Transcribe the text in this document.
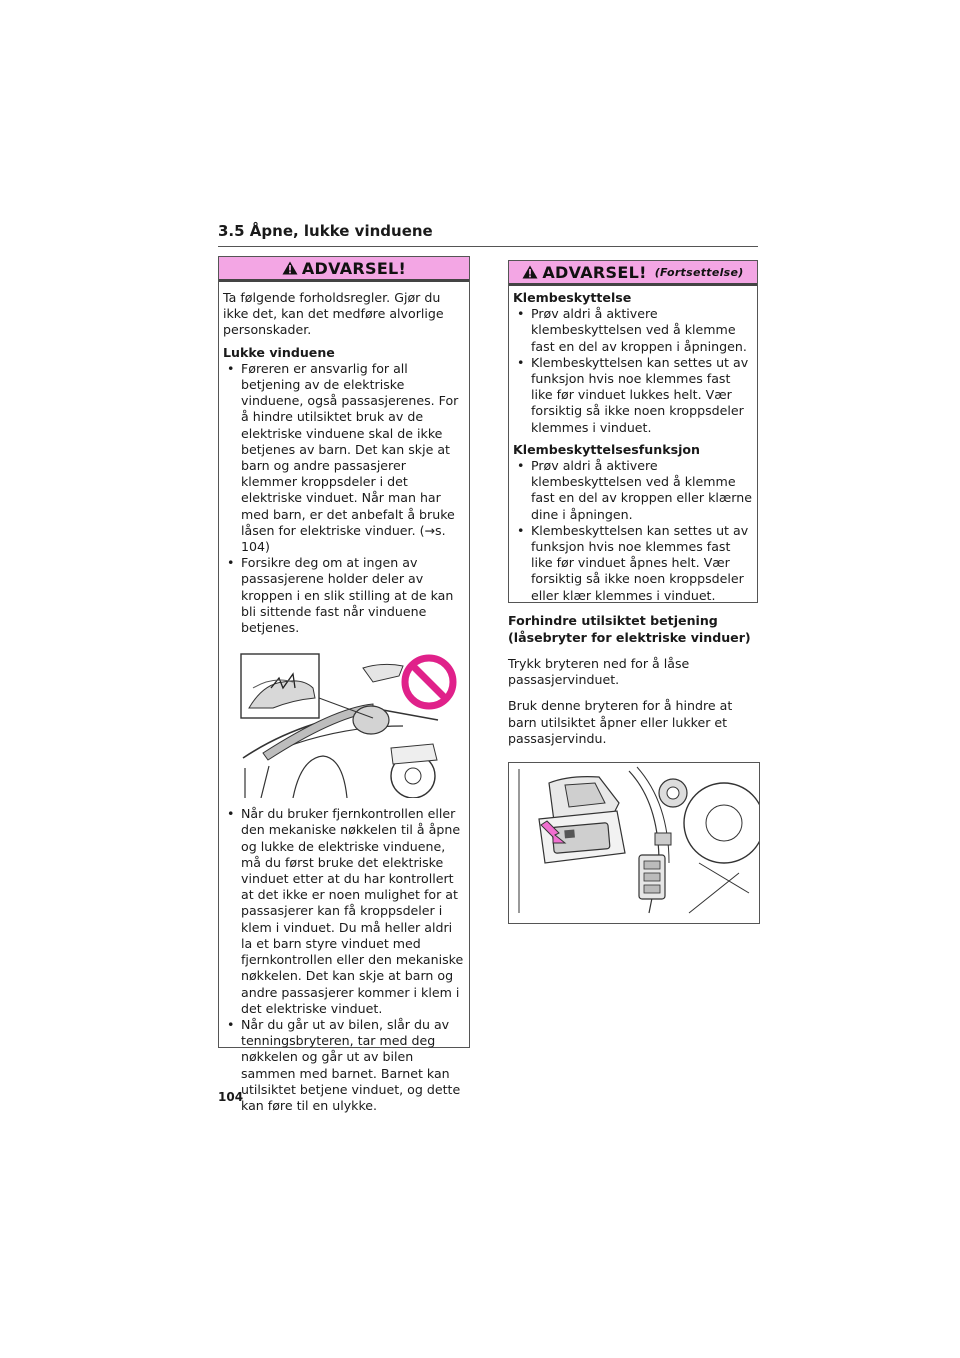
3.5 Åpne, lukke vinduene
ADVARSEL!

Ta følgende forholdsregler. Gjør du ikke det, kan det medføre alvorlige personskader.

Lukke vinduene
• Føreren er ansvarlig for all betjening av de elektriske vinduene, også passasjerenes. For å hindre utilsiktet bruk av de elektriske vinduene skal de ikke betjenes av barn. Det kan skje at barn og andre passasjerer klemmer kroppsdeler i det elektriske vinduet. Når man har med barn, er det anbefalt å bruke låsen for elektriske vinduer. (→s. 104)
• Forsikre deg om at ingen av passasjerene holder deler av kroppen i en slik stilling at de kan bli sittende fast når vinduene betjenes.
• Når du bruker fjernkontrollen eller den mekaniske nøkkelen til å åpne og lukke de elektriske vinduene, må du først bruke det elektriske vinduet etter at du har kontrollert at det ikke er noen mulighet for at passasjerer kan få kroppsdeler i klem i vinduet. Du må heller aldri la et barn styre vinduet med fjernkontrollen eller den mekaniske nøkkelen. Det kan skje at barn og andre passasjerer kommer i klem i det elektriske vinduet.
• Når du går ut av bilen, slår du av tenningsbryteren, tar med deg nøkkelen og går ut av bilen sammen med barnet. Barnet kan utilsiktet betjene vinduet, og dette kan føre til en ulykke.
ADVARSEL! (Fortsettelse)
Klembeskyttelse
• Prøv aldri å aktivere klembeskyttelsen ved å klemme fast en del av kroppen i åpningen.
• Klembeskyttelsen kan settes ut av funksjon hvis noe klemmes fast like før vinduet lukkes helt. Vær forsiktig så ikke noen kroppsdeler klemmes i vinduet.
Klembeskyttelsesfunksjon
• Prøv aldri å aktivere klembeskyttelsen ved å klemme fast en del av kroppen eller klærne dine i åpningen.
• Klembeskyttelsen kan settes ut av funksjon hvis noe klemmes fast like før vinduet åpnes helt. Vær forsiktig så ikke noen kroppsdeler eller klær klemmes i vinduet.
Forhindre utilsiktet betjening
(låsebryter for elektriske vinduer)

Trykk bryteren ned for å låse passasjervinduet.

Bruk denne bryteren for å hindre at barn utilsiktet åpner eller lukker et passasjervindu.

104
